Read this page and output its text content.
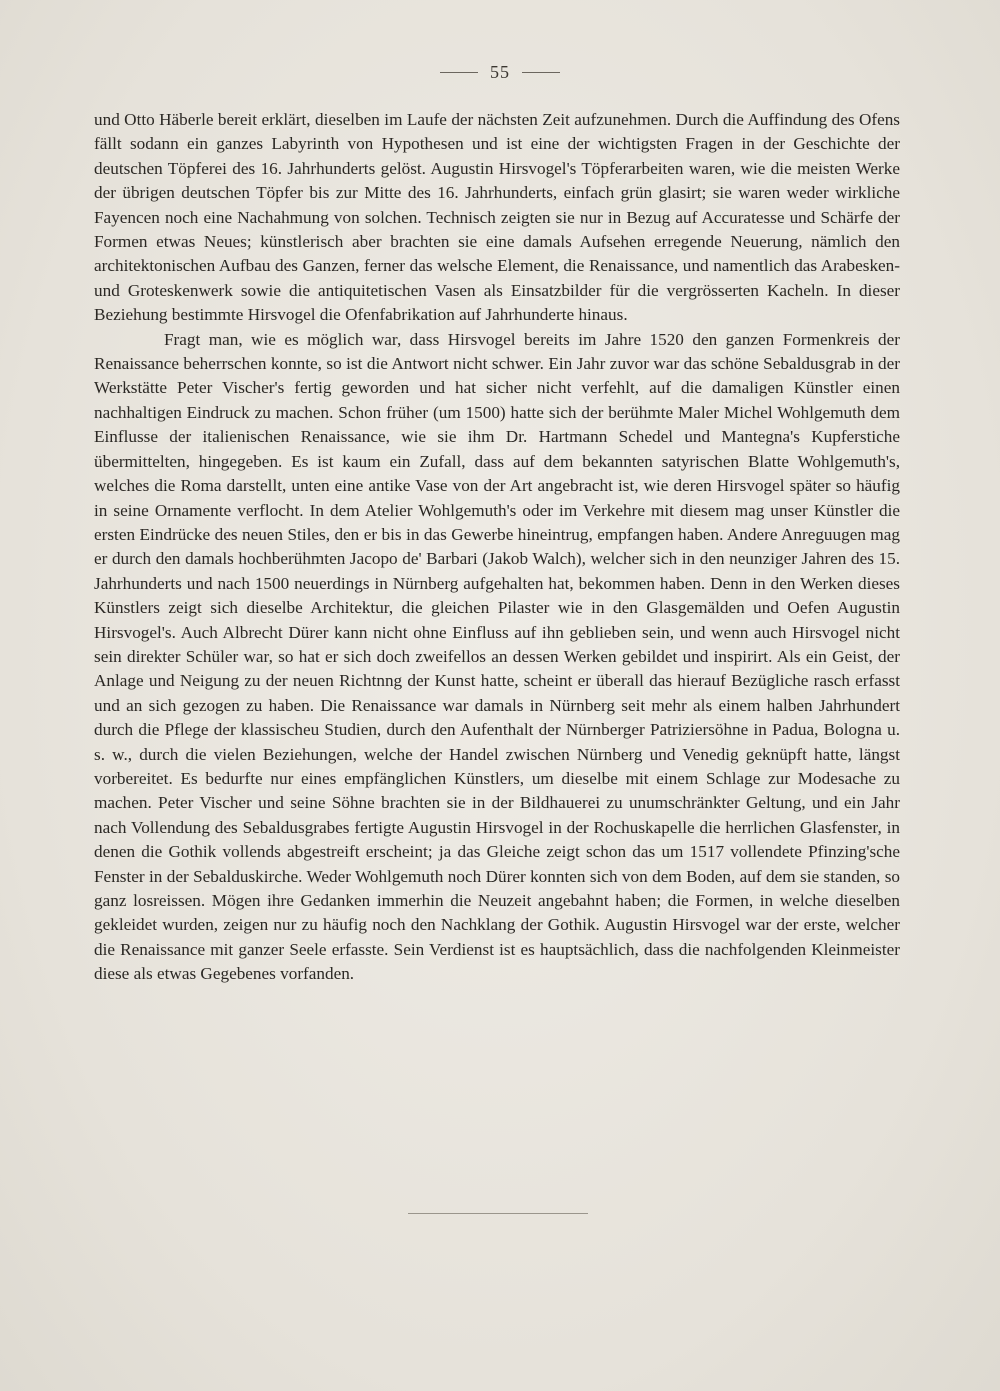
55

und Otto Häberle bereit erklärt, dieselben im Laufe der nächsten Zeit aufzunehmen. Durch die Auffindung des Ofens fällt sodann ein ganzes Labyrinth von Hypothesen und ist eine der wichtigsten Fragen in der Geschichte der deutschen Töpferei des 16. Jahrhunderts gelöst. Augustin Hirsvogel's Töpferarbeiten waren, wie die meisten Werke der übrigen deutschen Töpfer bis zur Mitte des 16. Jahrhunderts, einfach grün glasirt; sie waren weder wirkliche Fayencen noch eine Nachahmung von solchen. Technisch zeigten sie nur in Bezug auf Accuratesse und Schärfe der Formen etwas Neues; künstlerisch aber brachten sie eine damals Aufsehen erregende Neuerung, nämlich den architektonischen Aufbau des Ganzen, ferner das welsche Element, die Renaissance, und namentlich das Arabesken- und Groteskenwerk sowie die antiquitetischen Vasen als Einsatzbilder für die vergrösserten Kacheln. In dieser Beziehung bestimmte Hirsvogel die Ofenfabrikation auf Jahrhunderte hinaus.

Fragt man, wie es möglich war, dass Hirsvogel bereits im Jahre 1520 den ganzen Formenkreis der Renaissance beherrschen konnte, so ist die Antwort nicht schwer. Ein Jahr zuvor war das schöne Sebaldusgrab in der Werkstätte Peter Vischer's fertig geworden und hat sicher nicht verfehlt, auf die damaligen Künstler einen nachhaltigen Eindruck zu machen. Schon früher (um 1500) hatte sich der berühmte Maler Michel Wohlgemuth dem Einflusse der italienischen Renaissance, wie sie ihm Dr. Hartmann Schedel und Mantegna's Kupferstiche übermittelten, hingegeben. Es ist kaum ein Zufall, dass auf dem bekannten satyrischen Blatte Wohlgemuth's, welches die Roma darstellt, unten eine antike Vase von der Art angebracht ist, wie deren Hirsvogel später so häufig in seine Ornamente verflocht. In dem Atelier Wohlgemuth's oder im Verkehre mit diesem mag unser Künstler die ersten Eindrücke des neuen Stiles, den er bis in das Gewerbe hineintrug, empfangen haben. Andere Anreguugen mag er durch den damals hochberühmten Jacopo de' Barbari (Jakob Walch), welcher sich in den neunziger Jahren des 15. Jahrhunderts und nach 1500 neuerdings in Nürnberg aufgehalten hat, bekommen haben. Denn in den Werken dieses Künstlers zeigt sich dieselbe Architektur, die gleichen Pilaster wie in den Glasgemälden und Oefen Augustin Hirsvogel's. Auch Albrecht Dürer kann nicht ohne Einfluss auf ihn geblieben sein, und wenn auch Hirsvogel nicht sein direkter Schüler war, so hat er sich doch zweifellos an dessen Werken gebildet und inspirirt. Als ein Geist, der Anlage und Neigung zu der neuen Richtnng der Kunst hatte, scheint er überall das hierauf Bezügliche rasch erfasst und an sich gezogen zu haben. Die Renaissance war damals in Nürnberg seit mehr als einem halben Jahrhundert durch die Pflege der klassischeu Studien, durch den Aufenthalt der Nürnberger Patriziersöhne in Padua, Bologna u. s. w., durch die vielen Beziehungen, welche der Handel zwischen Nürnberg und Venedig geknüpft hatte, längst vorbereitet. Es bedurfte nur eines empfänglichen Künstlers, um dieselbe mit einem Schlage zur Modesache zu machen. Peter Vischer und seine Söhne brachten sie in der Bildhauerei zu unumschränkter Geltung, und ein Jahr nach Vollendung des Sebaldusgrabes fertigte Augustin Hirsvogel in der Rochuskapelle die herrlichen Glasfenster, in denen die Gothik vollends abgestreift erscheint; ja das Gleiche zeigt schon das um 1517 vollendete Pfinzing'sche Fenster in der Sebalduskirche. Weder Wohlgemuth noch Dürer konnten sich von dem Boden, auf dem sie standen, so ganz losreissen. Mögen ihre Gedanken immerhin die Neuzeit angebahnt haben; die Formen, in welche dieselben gekleidet wurden, zeigen nur zu häufig noch den Nachklang der Gothik. Augustin Hirsvogel war der erste, welcher die Renaissance mit ganzer Seele erfasste. Sein Verdienst ist es hauptsächlich, dass die nachfolgenden Kleinmeister diese als etwas Gegebenes vorfanden.
